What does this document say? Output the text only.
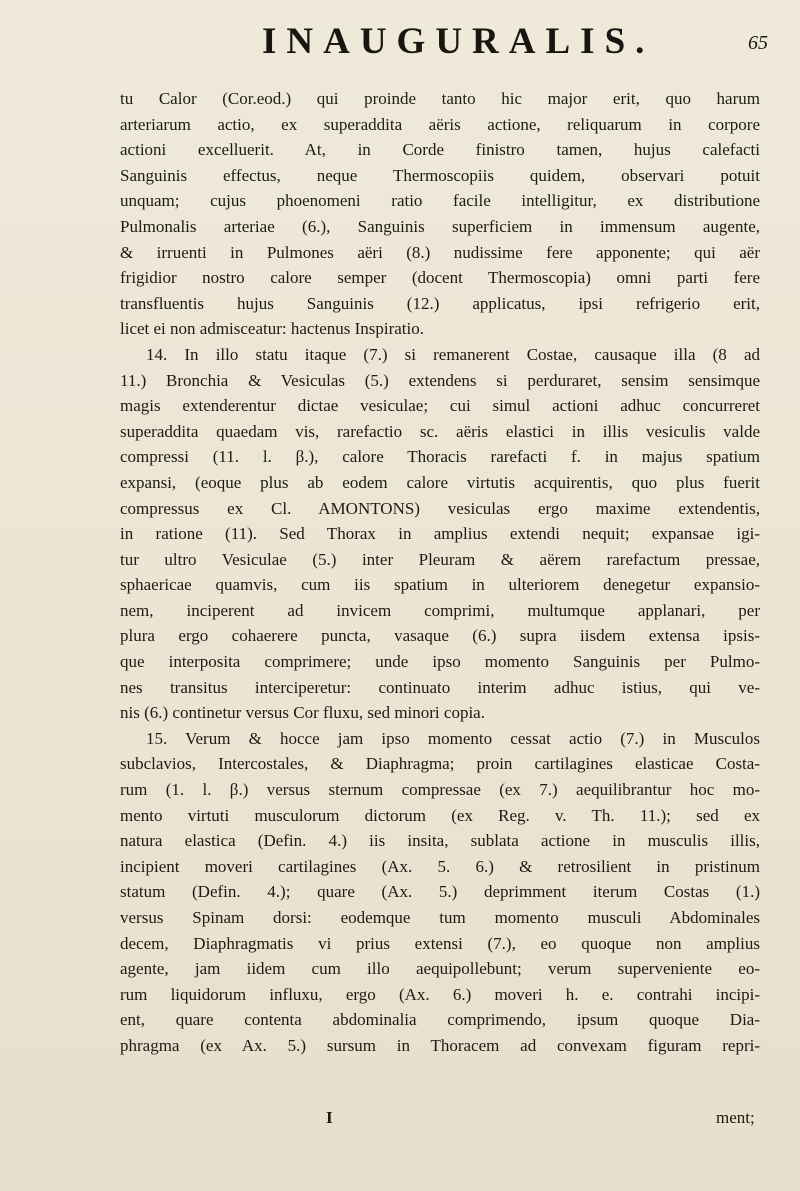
INAUGURALIS.	65
tu Calor (Cor.eod.) qui proinde tanto hic major erit, quo harum
arteriarum actio, ex superaddita aëris actione, reliquarum in corpore
actioni excelluerit. At, in Corde finistro tamen, hujus calefacti
Sanguinis effectus, neque Thermoscopiis quidem, observari potuit
unquam; cujus phoenomeni ratio facile intelligitur, ex distributione
Pulmonalis arteriae (6.), Sanguinis superficiem in immensum augente,
& irruenti in Pulmones aëri (8.) nudissime fere apponente; qui aër
frigidior nostro calore semper (docent Thermoscopia) omni parti fere
transfluentis hujus Sanguinis (12.) applicatus, ipsi refrigerio erit,
licet ei non admisceatur: hactenus Inspiratio.
14. In illo statu itaque (7.) si remanerent Costae, causaque illa (8 ad
11.) Bronchia & Vesiculas (5.) extendens si perduraret, sensim sensimque
magis extenderentur dictae vesiculae; cui simul actioni adhuc concurreret
superaddita quaedam vis, rarefactio sc. aëris elastici in illis vesiculis valde
compressi (11. l. β.), calore Thoracis rarefacti f. in majus spatium
expansi, (eoque plus ab eodem calore virtutis acquirentis, quo plus fuerit
compressus ex Cl. AMONTONS) vesiculas ergo maxime extendentis,
in ratione (11). Sed Thorax in amplius extendi nequit; expansae igi-
tur ultro Vesiculae (5.) inter Pleuram & aërem rarefactum pressae,
sphaericae quamvis, cum iis spatium in ulteriorem denegetur expansio-
nem, inciperent ad invicem comprimi, multumque applanari, per
plura ergo cohaerere puncta, vasaque (6.) supra iisdem extensa ipsis-
que interposita comprimere; unde ipso momento Sanguinis per Pulmo-
nes transitus interciperetur: continuato interim adhuc istius, qui ve-
nis (6.) continetur versus Cor fluxu, sed minori copia.
15. Verum & hocce jam ipso momento cessat actio (7.) in Musculos
subclavios, Intercostales, & Diaphragma; proin cartilagines elasticae Costa-
rum (1. l. β.) versus sternum compressae (ex 7.) aequilibrantur hoc mo-
mento virtuti musculorum dictorum (ex Reg. v. Th. 11.); sed ex
natura elastica (Defin. 4.) iis insita, sublata actione in musculis illis,
incipient moveri cartilagines (Ax. 5. 6.) & retrosilient in pristinum
statum (Defin. 4.); quare (Ax. 5.) deprimment iterum Costas (1.)
versus Spinam dorsi: eodemque tum momento musculi Abdominales
decem, Diaphragmatis vi prius extensi (7.), eo quoque non amplius
agente, jam iidem cum illo aequipollebunt; verum superveniente eo-
rum liquidorum influxu, ergo (Ax. 6.) moveri h. e. contrahi incipi-
ent, quare contenta abdominalia comprimendo, ipsum quoque Dia-
phragma (ex Ax. 5.) sursum in Thoracem ad convexam figuram repri-
I	ment;
